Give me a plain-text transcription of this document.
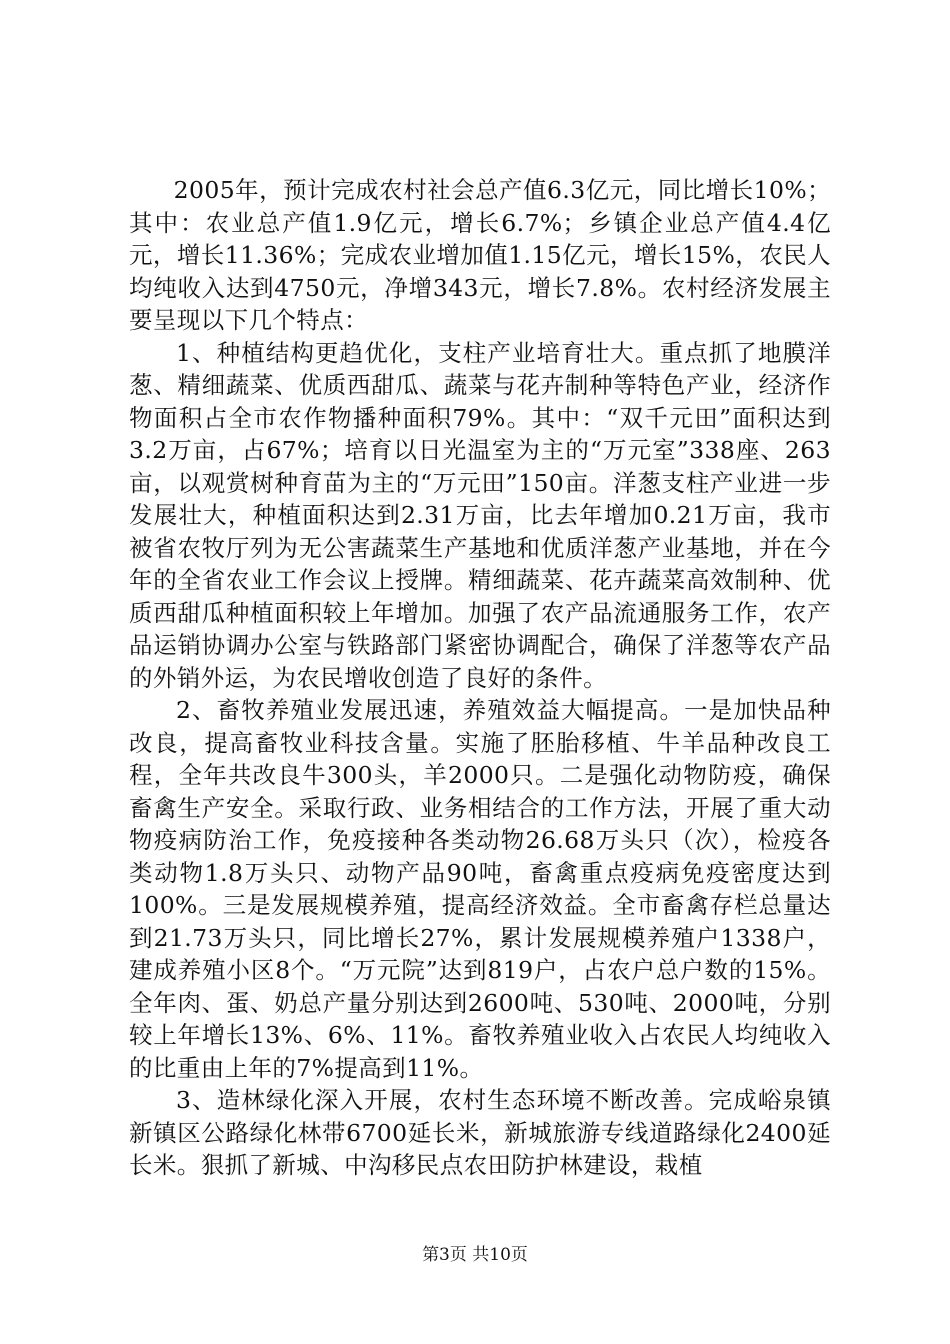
2005年，预计完成农村社会总产值6.3亿元，同比增长10%；其中：农业总产值1.9亿元，增长6.7%；乡镇企业总产值4.4亿元，增长11.36%；完成农业增加值1.15亿元，增长15%，农民人均纯收入达到4750元，净增343元，增长7.8%。农村经济发展主要呈现以下几个特点：

1、种植结构更趋优化，支柱产业培育壮大。重点抓了地膜洋葱、精细蔬菜、优质西甜瓜、蔬菜与花卉制种等特色产业，经济作物面积占全市农作物播种面积79%。其中：“双千元田”面积达到3.2万亩，占67%；培育以日光温室为主的“万元室”338座、263亩，以观赏树种育苗为主的“万元田”150亩。洋葱支柱产业进一步发展壮大，种植面积达到2.31万亩，比去年增加0.21万亩，我市被省农牧厅列为无公害蔬菜生产基地和优质洋葱产业基地，并在今年的全省农业工作会议上授牌。精细蔬菜、花卉蔬菜高效制种、优质西甜瓜种植面积较上年增加。加强了农产品流通服务工作，农产品运销协调办公室与铁路部门紧密协调配合，确保了洋葱等农产品的外销外运，为农民增收创造了良好的条件。

2、畜牧养殖业发展迅速，养殖效益大幅提高。一是加快品种改良，提高畜牧业科技含量。实施了胚胎移植、牛羊品种改良工程，全年共改良牛300头，羊2000只。二是强化动物防疫，确保畜禽生产安全。采取行政、业务相结合的工作方法，开展了重大动物疫病防治工作，免疫接种各类动物26.68万头只（次），检疫各类动物1.8万头只、动物产品90吨，畜禽重点疫病免疫密度达到100%。三是发展规模养殖，提高经济效益。全市畜禽存栏总量达到21.73万头只，同比增长27%，累计发展规模养殖户1338户，建成养殖小区8个。“万元院”达到819户，占农户总户数的15%。全年肉、蛋、奶总产量分别达到2600吨、530吨、2000吨，分别较上年增长13%、6%、11%。畜牧养殖业收入占农民人均纯收入的比重由上年的7%提高到11%。

3、造林绿化深入开展，农村生态环境不断改善。完成峪泉镇新镇区公路绿化林带6700延长米，新城旅游专线道路绿化2400延长米。狠抓了新城、中沟移民点农田防护林建设，栽植

第3页 共10页
